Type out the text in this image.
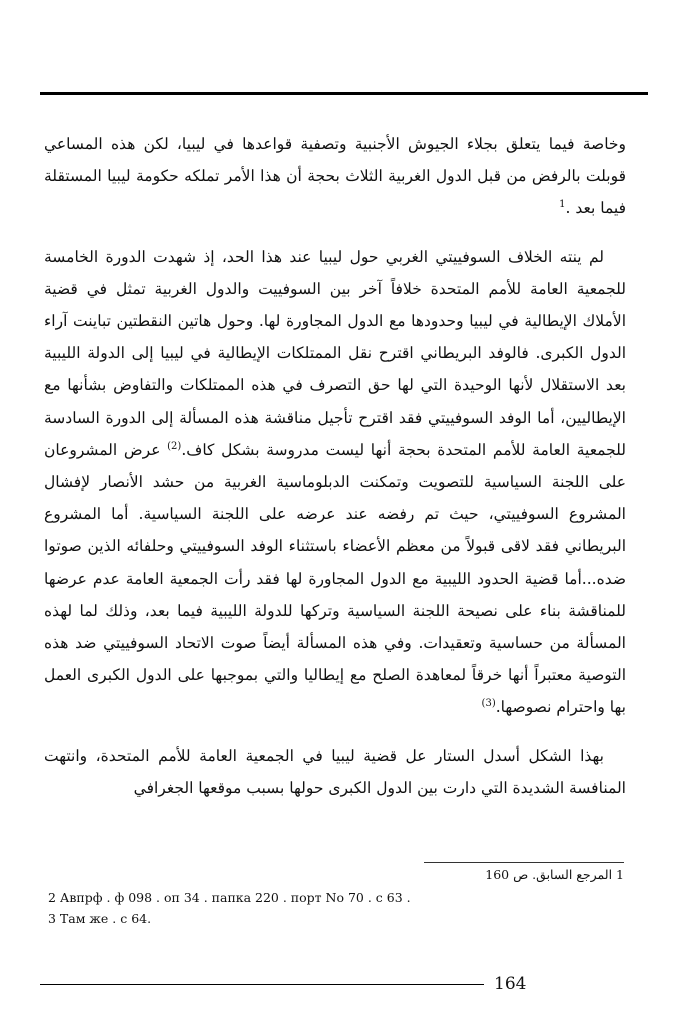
وخاصة فيما يتعلق بجلاء الجيوش الأجنبية وتصفية قواعدها في ليبيا، لكن هذه المساعي قوبلت بالرفض من قبل الدول الغربية الثلاث بحجة أن هذا الأمر تملكه حكومة ليبيا المستقلة فيما بعد .$^1$

لم ينته الخلاف السوفييتي الغربي حول ليبيا عند هذا الحد، إذ شهدت الدورة الخامسة للجمعية العامة للأمم المتحدة خلافاً آخر بين السوفييت والدول الغربية تمثل في قضية الأملاك الإيطالية في ليبيا وحدودها مع الدول المجاورة لها. وحول هاتين النقطتين تباينت آراء الدول الكبرى. فالوفد البريطاني اقترح نقل الممتلكات الإيطالية في ليبيا إلى الدولة الليبية بعد الاستقلال لأنها الوحيدة التي لها حق التصرف في هذه الممتلكات والتفاوض بشأنها مع الإيطاليين، أما الوفد السوفييتي فقد اقترح تأجيل مناقشة هذه المسألة إلى الدورة السادسة للجمعية العامة للأمم المتحدة بحجة أنها ليست مدروسة بشكل كاف.$^{(2)}$ عرض المشروعان على اللجنة السياسية للتصويت وتمكنت الدبلوماسية الغربية من حشد الأنصار لإفشال المشروع السوفييتي، حيث تم رفضه عند عرضه على اللجنة السياسية. أما المشروع البريطاني فقد لاقى قبولاً من معظم الأعضاء باستثناء الوفد السوفييتي وحلفائه الذين صوتوا ضده...أما قضية الحدود الليبية مع الدول المجاورة لها فقد رأت الجمعية العامة عدم عرضها للمناقشة بناء على نصيحة اللجنة السياسية وتركها للدولة الليبية فيما بعد، وذلك لما لهذه المسألة من حساسية وتعقيدات. وفي هذه المسألة أيضاً صوت الاتحاد السوفييتي ضد هذه التوصية معتبراً أنها خرقاً لمعاهدة الصلح مع إيطاليا والتي بموجبها على الدول الكبرى العمل بها واحترام نصوصها.$^{(3)}$

بهذا الشكل أسدل الستار عل قضية ليبيا في الجمعية العامة للأمم المتحدة، وانتهت المنافسة الشديدة التي دارت بين الدول الكبرى حولها بسبب موقعها الجغرافي

1 المرجع السابق. ص 160
2 Авпрф . ф 098 . оп 34 . папка 220 . порт No 70 . с 63 .
3 Там же . с 64.
164
